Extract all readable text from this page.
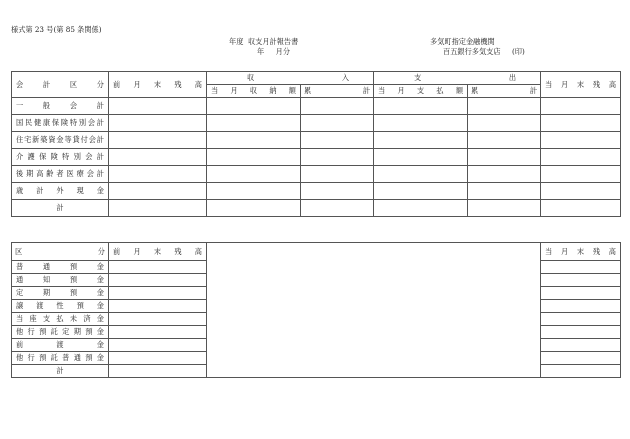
様式第 23 号(第 85 条関係)
年度 収支月計報告書
年 月分
多気町指定金融機関
百五銀行多気支店 (印)
会計区分	前月末残高	収入		支出		当月末残高
		当月収納額	累 計	当月支払額	累 計	

一般会計						
国民健康保険特別会計						
住宅新築資金等貸付会計						
介護保険特別会計						
後期高齢者医療会計						
歳計外現金						
計						
区 分	前月末残高		当月末残高
普通預金			
通知預金			
定期預金			
譲渡性預金			
当座支払未済金			
他行預託定期預金			
前渡金			
他行預託普通預金			
計			
